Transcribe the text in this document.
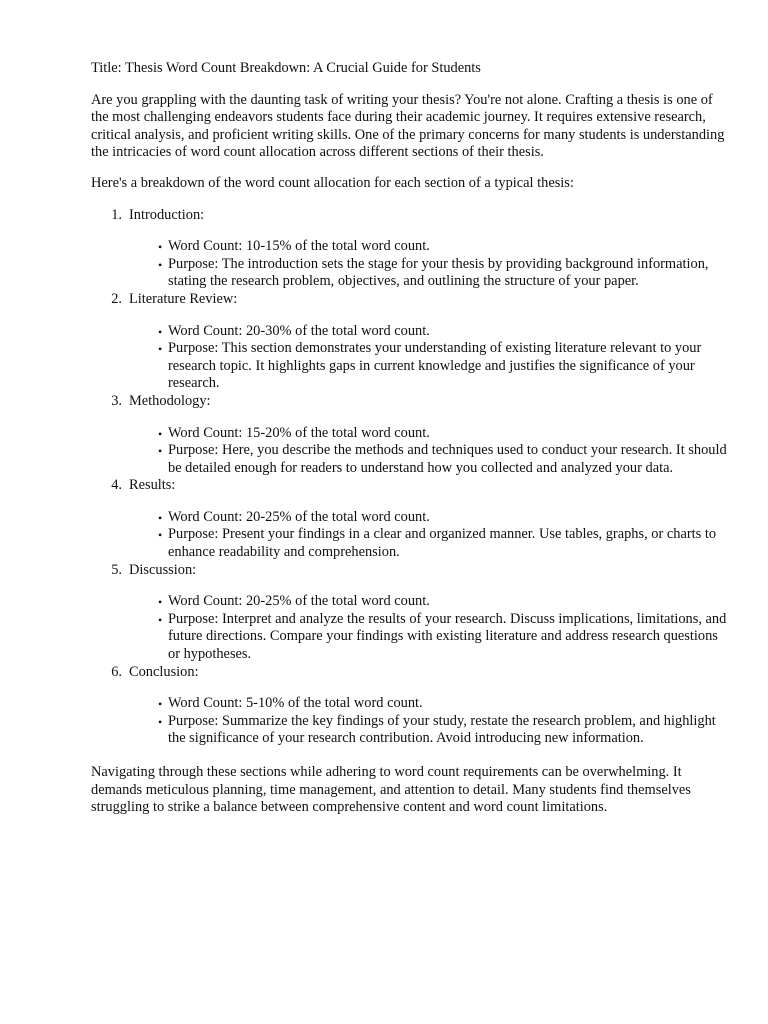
Title: Thesis Word Count Breakdown: A Crucial Guide for Students

Are you grappling with the daunting task of writing your thesis? You're not alone. Crafting a thesis is one of the most challenging endeavors students face during their academic journey. It requires extensive research, critical analysis, and proficient writing skills. One of the primary concerns for many students is understanding the intricacies of word count allocation across different sections of their thesis.

Here's a breakdown of the word count allocation for each section of a typical thesis:

1. Introduction:

• Word Count: 10-15% of the total word count.
• Purpose: The introduction sets the stage for your thesis by providing background information, stating the research problem, objectives, and outlining the structure of your paper.
2. Literature Review:

• Word Count: 20-30% of the total word count.
• Purpose: This section demonstrates your understanding of existing literature relevant to your research topic. It highlights gaps in current knowledge and justifies the significance of your research.
3. Methodology:

• Word Count: 15-20% of the total word count.
• Purpose: Here, you describe the methods and techniques used to conduct your research. It should be detailed enough for readers to understand how you collected and analyzed your data.
4. Results:

• Word Count: 20-25% of the total word count.
• Purpose: Present your findings in a clear and organized manner. Use tables, graphs, or charts to enhance readability and comprehension.
5. Discussion:

• Word Count: 20-25% of the total word count.
• Purpose: Interpret and analyze the results of your research. Discuss implications, limitations, and future directions. Compare your findings with existing literature and address research questions or hypotheses.
6. Conclusion:

• Word Count: 5-10% of the total word count.
• Purpose: Summarize the key findings of your study, restate the research problem, and highlight the significance of your research contribution. Avoid introducing new information.

Navigating through these sections while adhering to word count requirements can be overwhelming. It demands meticulous planning, time management, and attention to detail. Many students find themselves struggling to strike a balance between comprehensive content and word count limitations.
